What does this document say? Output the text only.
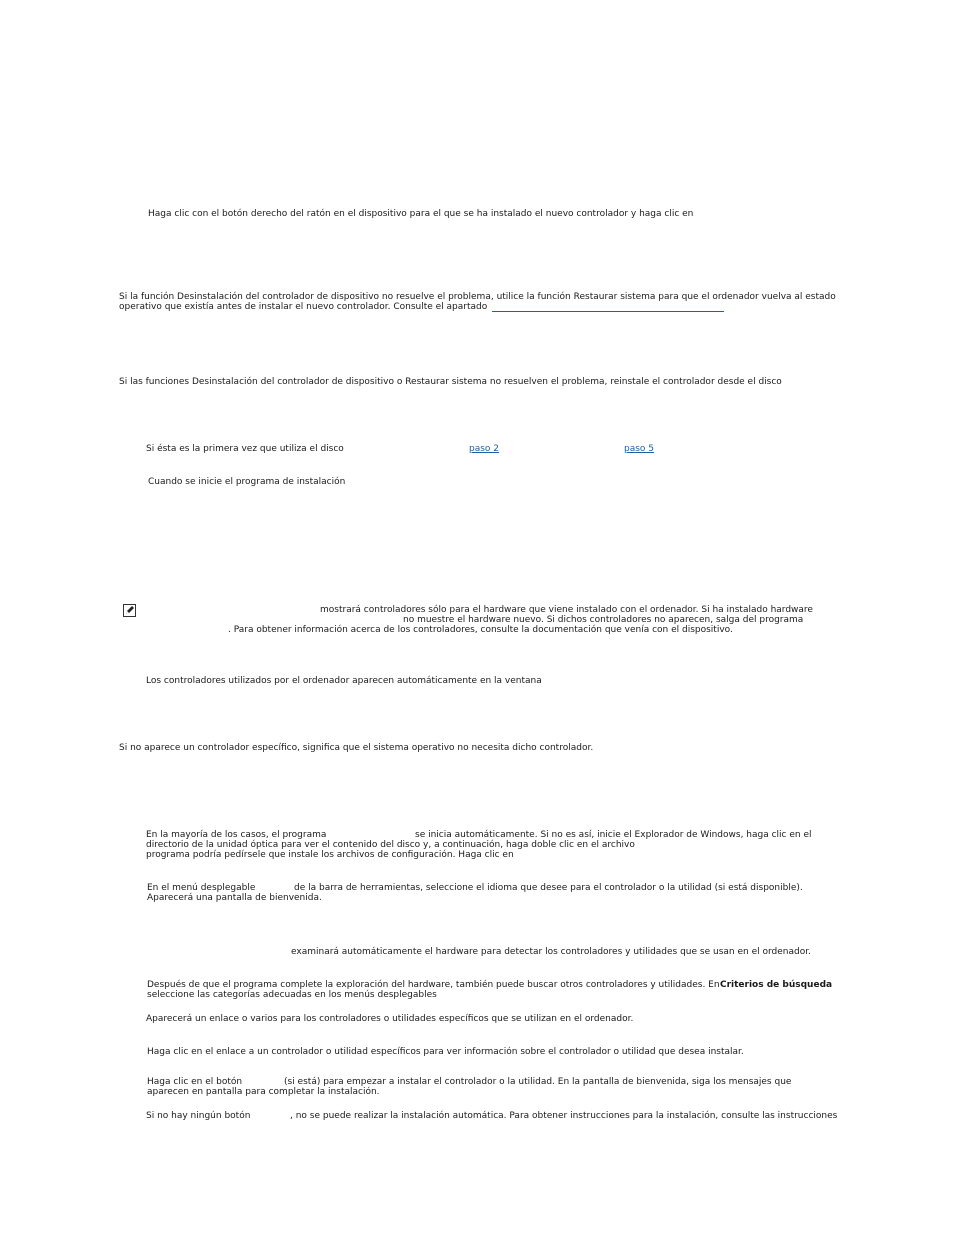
Haga clic con el botón derecho del ratón en el dispositivo para el que se ha instalado el nuevo controlador y haga clic en
Si la función Desinstalación del controlador de dispositivo no resuelve el problema, utilice la función Restaurar sistema para que el ordenador vuelva al estado
operativo que existía antes de instalar el nuevo controlador. Consulte el apartado
Si las funciones Desinstalación del controlador de dispositivo o Restaurar sistema no resuelven el problema, reinstale el controlador desde el disco
Si ésta es la primera vez que utiliza el disco	paso 2	paso 5
Cuando se inicie el programa de instalación
mostrará controladores sólo para el hardware que viene instalado con el ordenador. Si ha instalado hardware
no muestre el hardware nuevo. Si dichos controladores no aparecen, salga del programa
. Para obtener información acerca de los controladores, consulte la documentación que venía con el dispositivo.
Los controladores utilizados por el ordenador aparecen automáticamente en la ventana
Si no aparece un controlador específico, significa que el sistema operativo no necesita dicho controlador.
En la mayoría de los casos, el programa	se inicia automáticamente. Si no es así, inicie el Explorador de Windows, haga clic en el
directorio de la unidad óptica para ver el contenido del disco y, a continuación, haga doble clic en el archivo
programa podría pedírsele que instale los archivos de configuración. Haga clic en
En el menú desplegable	de la barra de herramientas, seleccione el idioma que desee para el controlador o la utilidad (si está disponible).
Aparecerá una pantalla de bienvenida.
examinará automáticamente el hardware para detectar los controladores y utilidades que se usan en el ordenador.
Después de que el programa complete la exploración del hardware, también puede buscar otros controladores y utilidades. En Criterios de búsqueda
seleccione las categorías adecuadas en los menús desplegables
Aparecerá un enlace o varios para los controladores o utilidades específicos que se utilizan en el ordenador.
Haga clic en el enlace a un controlador o utilidad específicos para ver información sobre el controlador o utilidad que desea instalar.
Haga clic en el botón	(si está) para empezar a instalar el controlador o la utilidad. En la pantalla de bienvenida, siga los mensajes que
aparecen en pantalla para completar la instalación.
Si no hay ningún botón	, no se puede realizar la instalación automática. Para obtener instrucciones para la instalación, consulte las instrucciones
